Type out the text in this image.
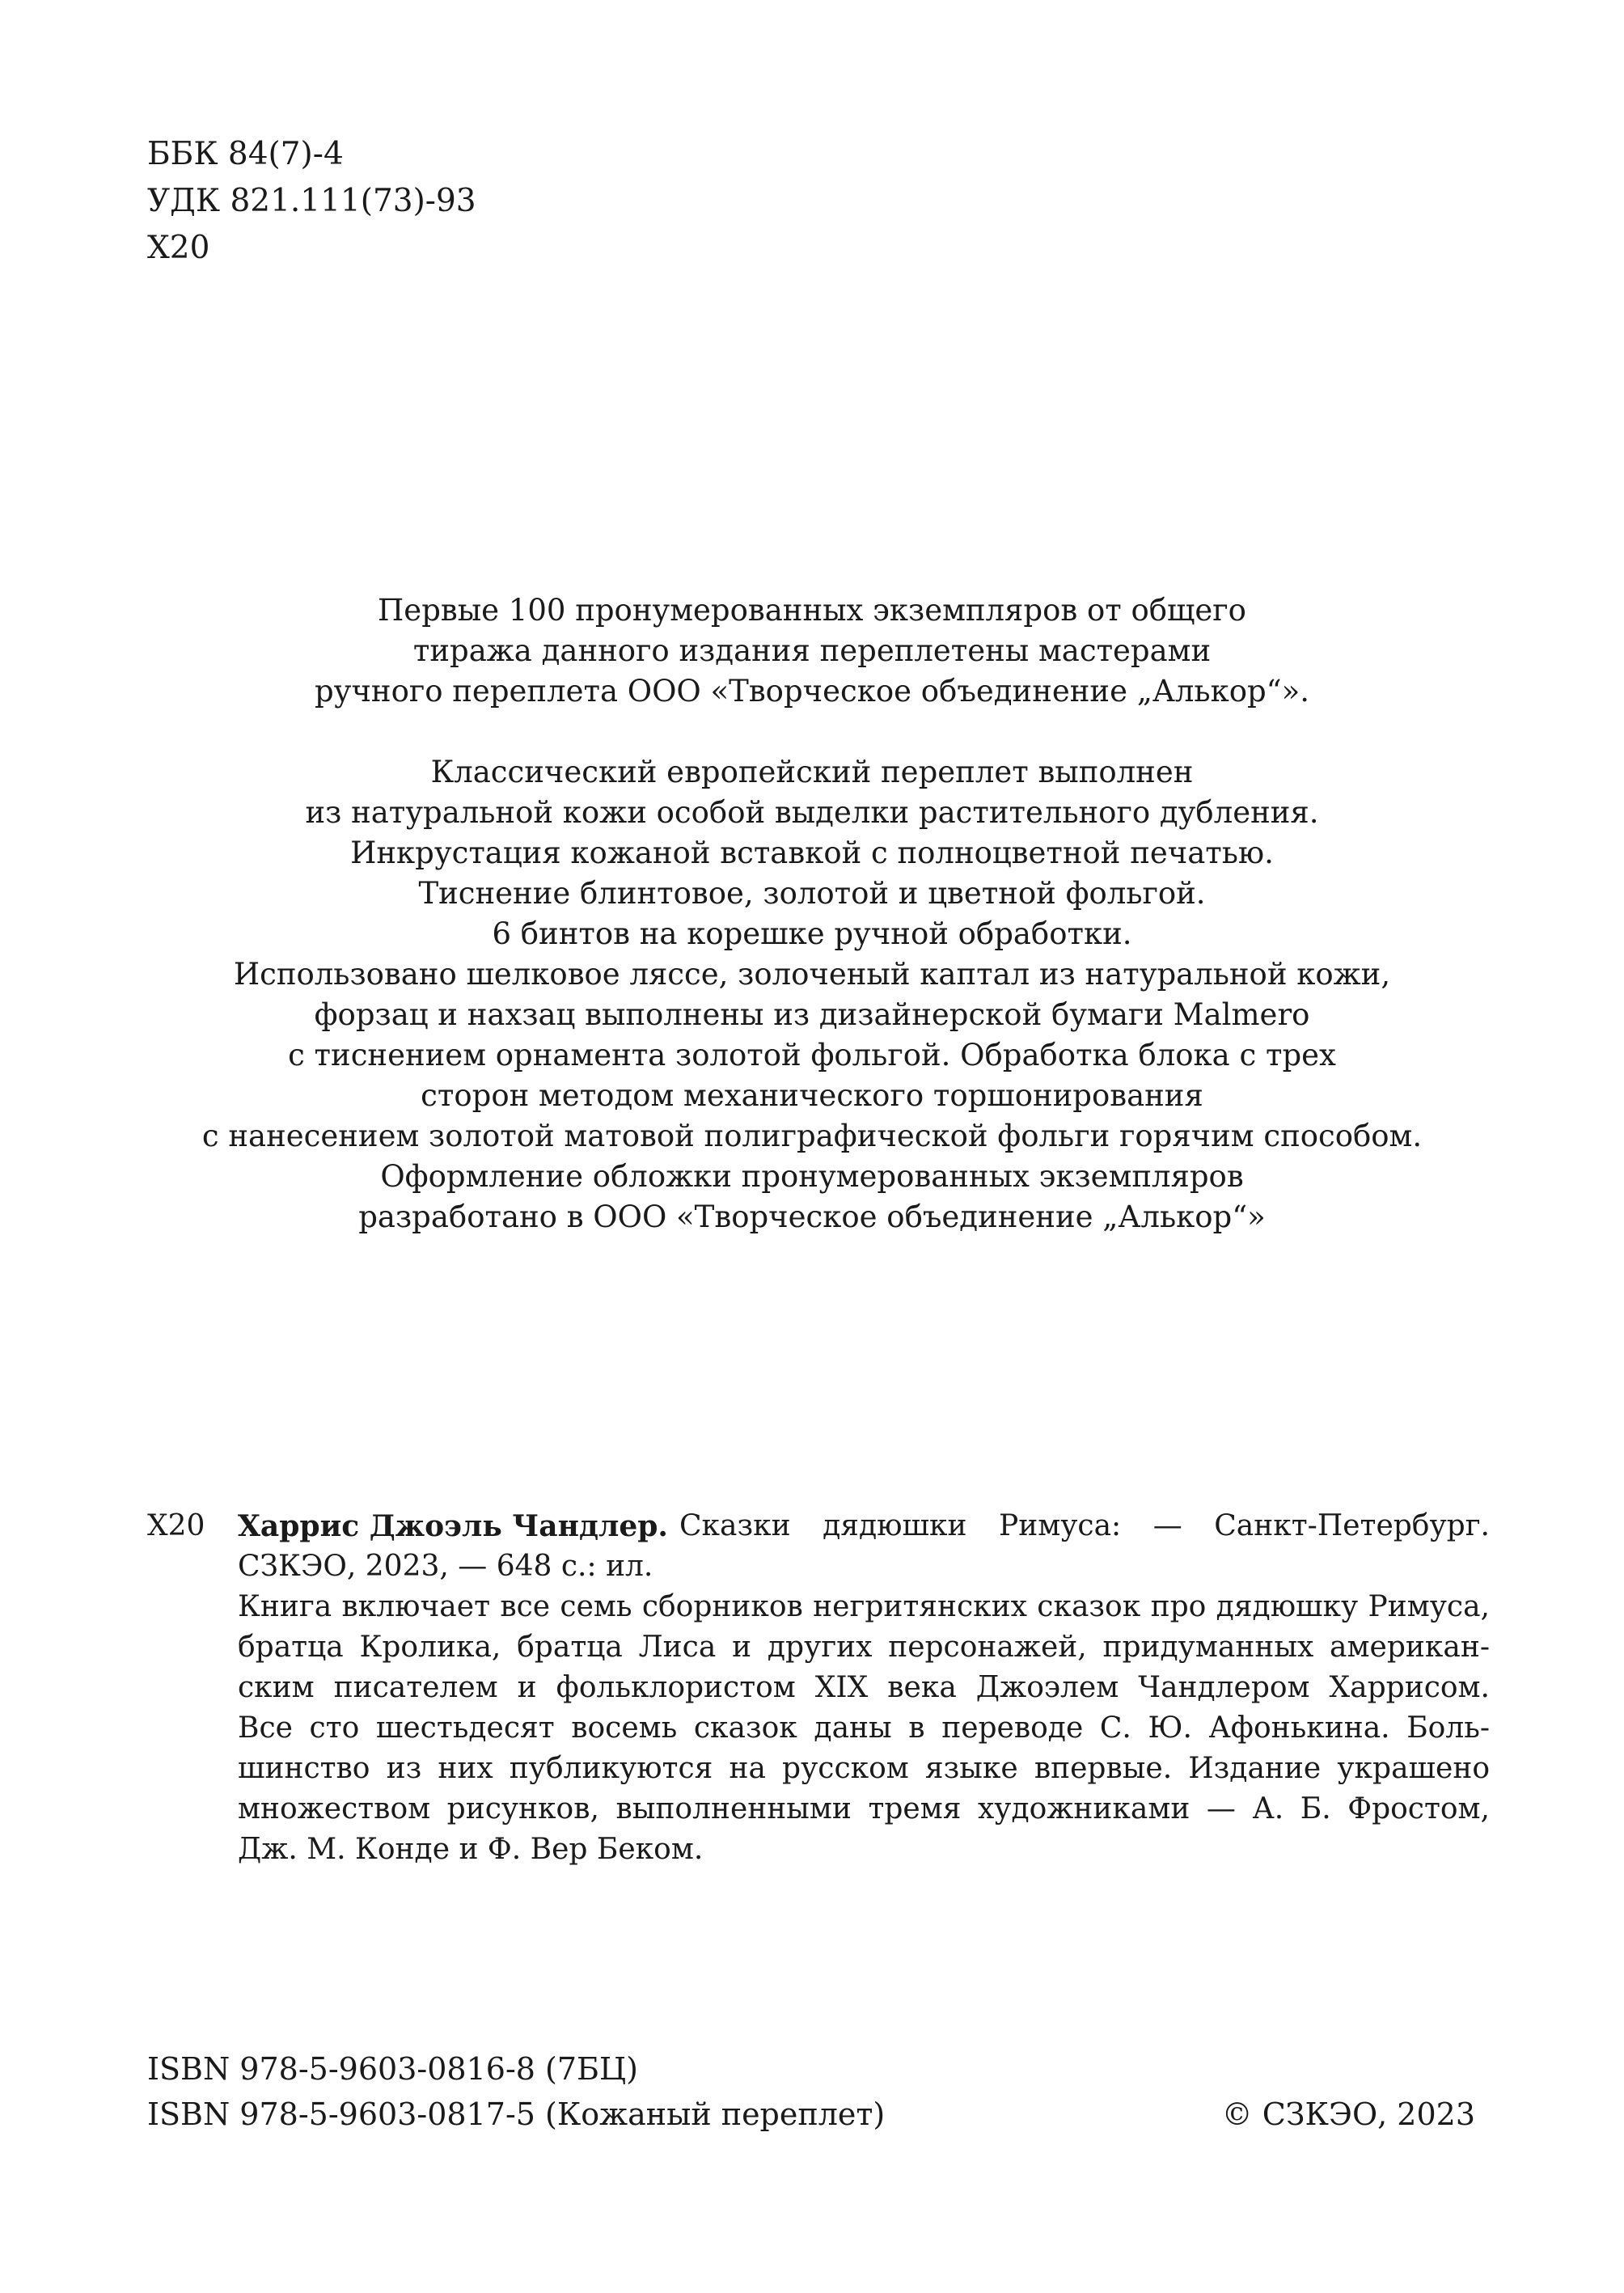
ББК 84(7)-4
УДК 821.111(73)-93
Х20
Первые 100 пронумерованных экземпляров от общего
тиража данного издания переплетены мастерами
ручного переплета ООО «Творческое объединение „Алькор“».
Классический европейский переплет выполнен
из натуральной кожи особой выделки растительного дубления.
Инкрустация кожаной вставкой с полноцветной печатью.
Тиснение блинтовое, золотой и цветной фольгой.
6 бинтов на корешке ручной обработки.
Использовано шелковое ляссе, золоченый каптал из натуральной кожи,
форзац и нахзац выполнены из дизайнерской бумаги Malmero
с тиснением орнамента золотой фольгой. Обработка блока с трех
сторон методом механического торшонирования
с нанесением золотой матовой полиграфической фольги горячим способом.
Оформление обложки пронумерованных экземпляров
разработано в ООО «Творческое объединение „Алькор“»
Х20 Харрис Джоэль Чандлер. Сказки дядюшки Римуса: — Санкт-Петербург.
СЗКЭО, 2023, — 648 с.: ил.
Книга включает все семь сборников негритянских сказок про дядюшку Римуса,
братца Кролика, братца Лиса и других персонажей, придуманных американ-
ским писателем и фольклористом XIX века Джоэлем Чандлером Харрисом.
Все сто шестьдесят восемь сказок даны в переводе С. Ю. Афонькина. Боль-
шинство из них публикуются на русском языке впервые. Издание украшено
множеством рисунков, выполненными тремя художниками — А. Б. Фростом,
Дж. М. Конде и Ф. Вер Беком.
ISBN 978-5-9603-0816-8 (7БЦ)
ISBN 978-5-9603-0817-5 (Кожаный переплет)	© СЗКЭО, 2023
